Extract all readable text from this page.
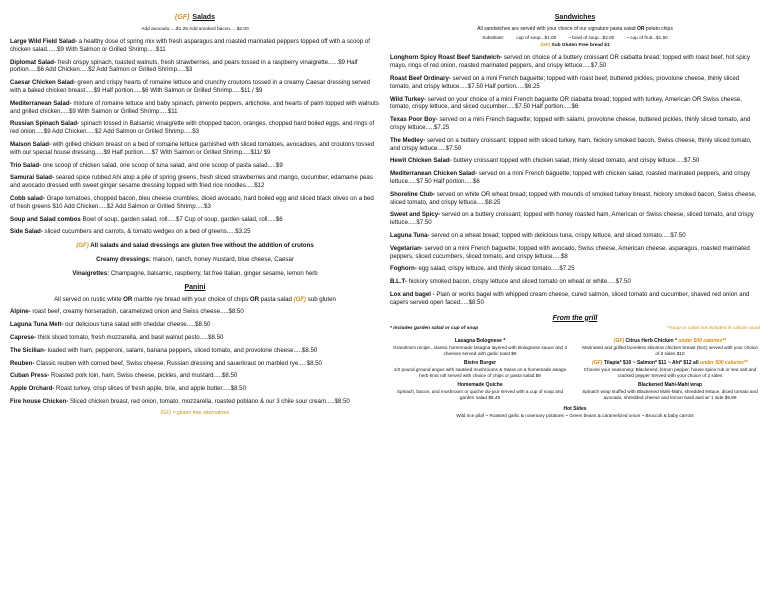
(GF) Salads
Add avocado.....$1.25 Add smoked bacon.....$2.00
Large Wild Field Salad- a healthy dose of spring mix with fresh asparagus and roasted marinated peppers topped off with a scoop of chicken salad......$9 With Salmon or Grilled Shrimp.....$11
Diplomat Salad- fresh crispy spinach, toasted walnuts, fresh strawberries, and pears tossed in a raspberry vinaigrette......$9 Half portion.....$6 Add Chicken.....$2 Add Salmon or Grilled Shrimp.....$3
Caesar Chicken Salad- green and crispy hearts of romaine lettuce and crunchy croutons tossed in a creamy Caesar dressing served with a baked chicken breast.....$9 Half portion.....$6 With Salmon or Grilled Shrimp.....$11 / $9
Mediterranean Salad- mixture of romaine lettuce and baby spinach, pimento peppers, artichoke, and hearts of palm topped with walnuts and grilled chicken.....$9 With Salmon or Grilled Shrimp.....$11
Russian Spinach Salad- spinach tossed in Balsamic vinaigrette with chopped bacon, oranges, chopped hard boiled eggs, and rings of red onion.....$9 Add Chicken.....$2 Add Salmon or Grilled Shrimp.....$3
Maison Salad- with grilled chicken breast on a bed of romaine lettuce garnished with sliced tomatoes, avocadoes, and croutons tossed with our special house dressing.....$9 Half portion.....$7 With Salmon or Grilled Shrimp.....$11/ $9
Trio Salad- one scoop of chicken salad, one scoop of tuna salad, and one scoop of pasta salad.....$9
Samurai Salad- seared spice rubbed Ahi atop a pile of spring greens, fresh sliced strawberries and mango, cucumber, edamame peas and avocado dressed with sweet ginger sesame dressing topped with fried rice noodles.....$12
Cobb salad- Grape tomatoes, chopped bacon, bleu cheese crumbles, diced avocado, hard boiled egg and sliced black olives on a bed of fresh greens $10 Add Chicken.....$2 Add Salmon or Grilled Shrimp.....$3
Soup and Salad combos Bowl of soup, garden salad, roll.....$7 Cup of soup, garden salad, roll.....$6
Side Salad- sliced cucumbers and carrots, & tomato wedges on a bed of greens.....$3.25
(GF) All salads and salad dressings are gluten free without the addition of crutons
Creamy dressings: maison, ranch, honey mustard, blue cheese, Caesar
Vinaigrettes: Champagne, balsamic, raspberry, fat free Italian, ginger sesame, lemon herb
Panini
All served on rustic white OR marble rye bread with your choice of chips OR pasta salad (GF) sub gluten
Alpine- roast beef, creamy horseradish, caramelized onion and Swiss cheese.....$8.50
Laguna Tuna Melt- our delicious tuna salad with cheddar cheese.....$8.50
Caprese- thick sliced tomato, fresh mozzarella, and basil walnut pesto.....$8.50
The Sicilian- loaded with ham, pepperoni, salami, banana peppers, sliced tomato, and provolone cheese.....$8.50
Reuben- Classic reuben with corned beef, Swiss cheese, Russian dressing and sauerkraut on marbled rye.....$8.50
Cuban Press- Roasted pork loin, ham, Swiss cheese, pickles, and mustard.....$8.50
Apple Orchard- Roast turkey, crisp slices of fresh apple, brie, and apple butter.....$8.50
Fire house Chicken- Sliced chicken breast, red onion, tomato, mozzarella, roasted poblano & our 3 chile sour cream.....$8.50
(GF) = gluten free alternatives
Sandwiches
All sandwiches are served with your choice of our signature pasta salad OR potato chips
Substitute:	cup of soup...$1.00	~ bowl of soup...$2.00	~ cup of fruit...$1.50
(GF) Sub Gluten Free bread $1
Longhorn Spicy Roast Beef Sandwich- served on choice of a buttery croissant OR ciabatta bread; topped with roast beef, hot spicy mayo, rings of red onion, roasted marinated peppers, and crispy lettuce.....$7.50
Roast Beef Ordinary- served on a mini French baguette; topped with roast beef, buttered pickles, provolone cheese, thinly sliced tomato, and crispy lettuce.....$7.50 Half portion.....$6.25
Wild Turkey- served on your choice of a mini French baguette OR ciabatta bread; topped with turkey, American OR Swiss cheese, tomato, crispy lettuce, and sliced cucumber.....$7.50 Half portion.....$6
Texas Poor Boy- served on a mini French baguette; topped with salami, provolone cheese, buttered pickles, thinly sliced tomato, and crispy lettuce.....$7.25
The Medley- served on a buttery croissant; topped with sliced turkey, ham, hickory smoked bacon, Swiss cheese, thinly sliced tomato, and crispy lettuce.....$7.50
Hewit Chicken Salad- buttery croissant topped with chicken salad, thinly sliced tomato, and crispy lettuce.....$7.50
Mediterranean Chicken Salad- served on a mini French baguette; topped with chicken salad, roasted marinated peppers, and crispy lettuce.....$7.50 Half portion.....$6
Shoreline Club- served on white OR wheat bread; topped with mounds of smoked turkey breast, hickory smoked bacon, Swiss cheese, sliced tomato, and crispy lettuce.....$8.25
Sweet and Spicy- served on a buttery croissant; topped with honey roasted ham, American or Swiss cheese, sliced tomato, and crispy lettuce.....$7.50
Laguna Tuna- served on a wheat bread; topped with delicious tuna, crispy lettuce, and sliced tomato.....$7.50
Vegetarian- served on a mini French baguette; topped with avocado, Swiss cheese, American cheese, asparagus, roasted marinated peppers, sliced cucumbers, sliced tomato, and crispy lettuce.....$8
Foghorn- egg salad, crispy lettuce, and thinly sliced tomato.....$7.25
B.L.T- hickory smoked bacon, crispy lettuce and sliced tomato on wheat or white.....$7.50
Lox and bagel - Plain or works bagel with whipped cream cheese, cured salmon, sliced tomato and cucumber, shaved red onion and capers served open faced.....$8.50
From the grill
* includes garden salad or cup of soup	**soup or salad not included in calorie count
Lasagna Bolognese *
Grandma's recipe...classic homemade lasagna layered with Bolognese sauce and 3 cheeses served with garlic toast $9
Bistro Burger
1/2 pound ground angus with sautéed mushrooms & Swiss on a homemade asiago herb knot roll served with choice of chips or pasta salad $9
Homemade Quiche
Spinach, bacon, and mushroom or quiche du-jour served with a cup of soup and garden salad $8.49
(GF) Citrus Herb Chicken * under 500 calories**
Marinated and grilled boneless skinless chicken breast (5oz) served with your choice of 2 sides $10
(GF) Tilapia* $10 ~ Salmon* $11 ~ Ahi* $12 all under 500 calories**
Choose your seasoning: Blackened, lemon pepper, house spice rub or sea salt and cracked pepper Served with your choice of 2 sides
Blackened Mahi-Mahi wrap
Spinach wrap stuffed with Blackened Mahi-Mahi, shredded lettuce, diced tomato and avocado, shredded cheese and lemon basil aioli w/ 1 side $9.99
Hot Sides
Wild rice pilaf ~ Roasted garlic & rosemary potatoes ~ Green beans & caramelized onion ~ Broccoli & baby carrots
